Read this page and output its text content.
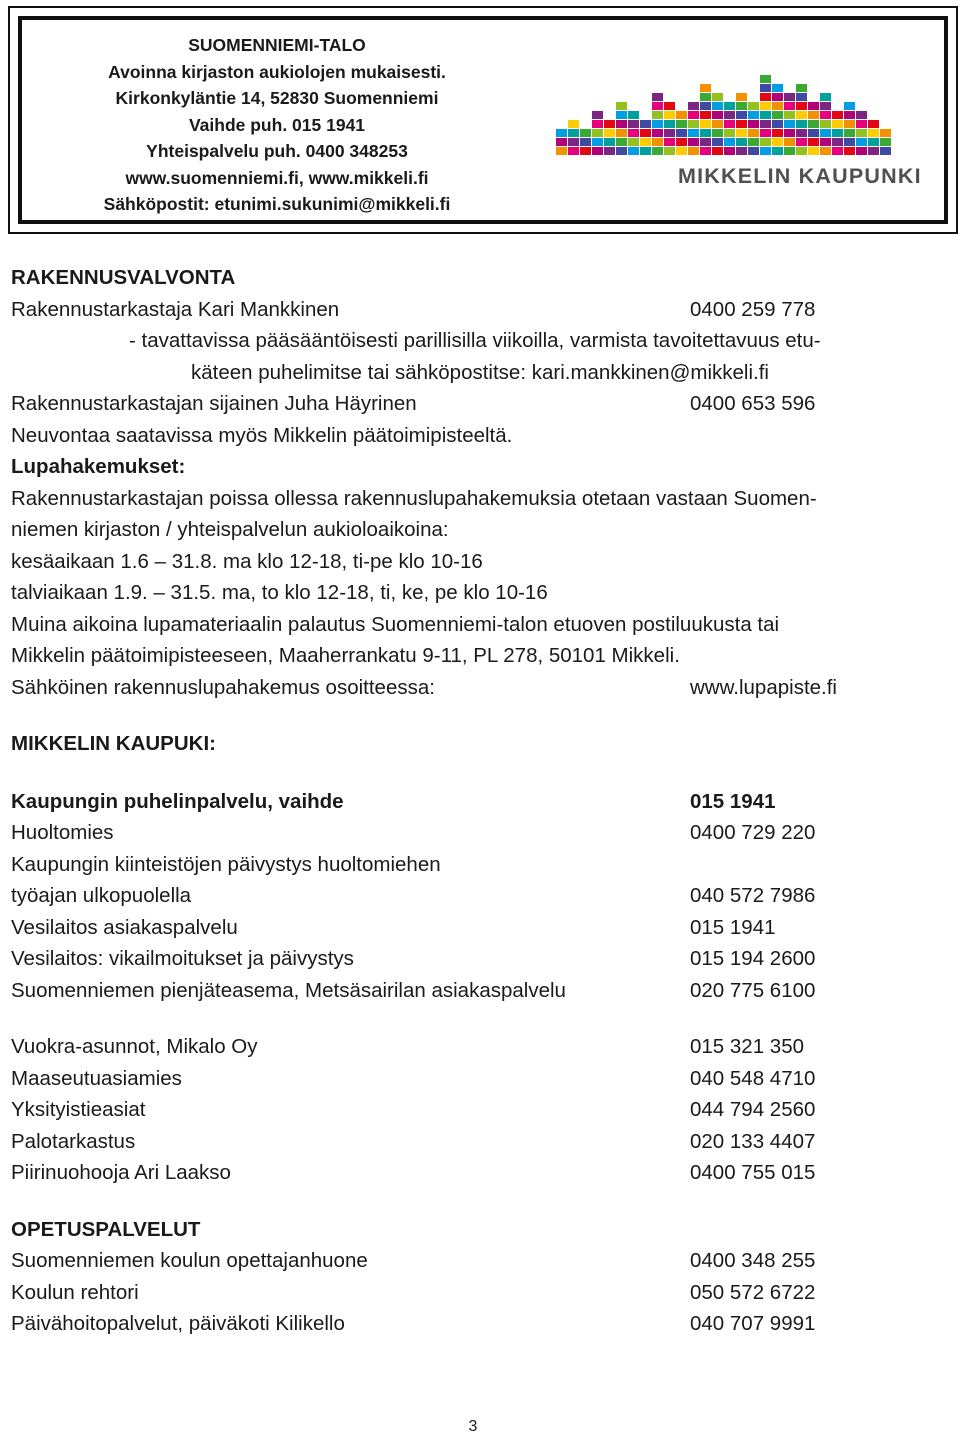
SUOMENNIEMI-TALO
Avoinna kirjaston aukiolojen mukaisesti.
Kirkonkyläntie 14, 52830 Suomenniemi
Vaihde puh. 015 1941
Yhteispalvelu puh. 0400 348253
www.suomenniemi.fi, www.mikkeli.fi
Sähköpostit: etunimi.sukunimi@mikkeli.fi
MIKKELIN KAUPUNKI
RAKENNUSVALVONTA
Rakennustarkastaja Kari Mankkinen	0400 259 778
- tavattavissa pääsääntöisesti parillisilla viikoilla, varmista tavoitettavuus etu-
käteen puhelimitse tai sähköpostitse: kari.mankkinen@mikkeli.fi
Rakennustarkastajan sijainen Juha Häyrinen	0400 653 596
Neuvontaa saatavissa myös Mikkelin päätoimipisteeltä.
Lupahakemukset:
Rakennustarkastajan poissa ollessa rakennuslupahakemuksia otetaan vastaan Suomen-
niemen kirjaston / yhteispalvelun aukioloaikoina:
kesäaikaan 1.6 – 31.8. ma klo 12-18, ti-pe klo 10-16
talviaikaan 1.9. – 31.5. ma, to klo 12-18, ti, ke, pe klo 10-16
Muina aikoina lupamateriaalin palautus Suomenniemi-talon etuoven postiluukusta tai
Mikkelin päätoimipisteeseen, Maaherrankatu 9-11, PL 278, 50101 Mikkeli.
Sähköinen rakennuslupahakemus osoitteessa:	www.lupapiste.fi
MIKKELIN KAUPUKI:
Kaupungin puhelinpalvelu, vaihde	015 1941
Huoltomies	0400 729 220
Kaupungin kiinteistöjen päivystys huoltomiehen
työajan ulkopuolella	040 572 7986
Vesilaitos asiakaspalvelu	015 1941
Vesilaitos: vikailmoitukset ja päivystys	015 194 2600
Suomenniemen pienjäteasema, Metsäsairilan asiakaspalvelu	020 775 6100
Vuokra-asunnot, Mikalo Oy	015 321 350
Maaseutuasiamies	040 548 4710
Yksityistieasiat	044 794 2560
Palotarkastus	020 133 4407
Piirinuohooja Ari Laakso	0400 755 015
OPETUSPALVELUT
Suomenniemen koulun opettajanhuone	0400 348 255
Koulun rehtori	050 572 6722
Päivähoitopalvelut, päiväkoti Kilikello	040 707 9991
3
